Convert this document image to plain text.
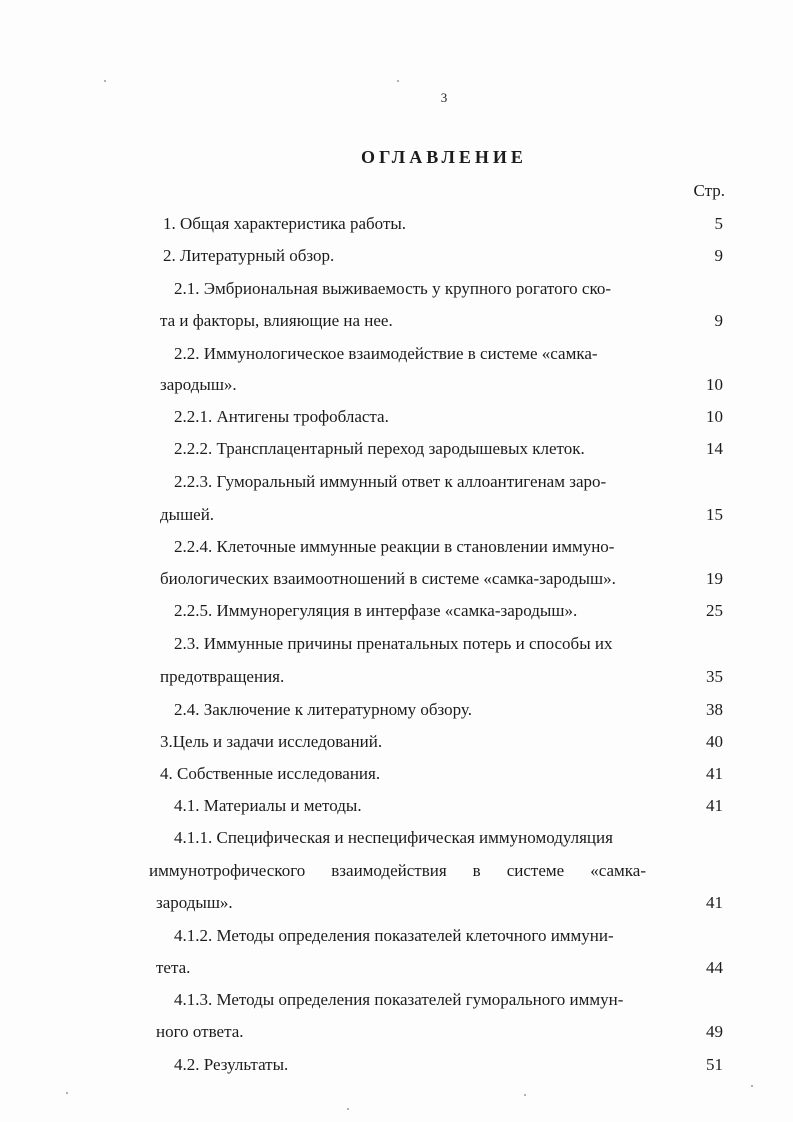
3
ОГЛАВЛЕНИЕ
Стр.
1. Общая характеристика работы.	5
2. Литературный обзор.	9
2.1. Эмбриональная выживаемость у крупного рогатого ско-
та и факторы, влияющие на нее.	9
2.2. Иммунологическое взаимодействие в системе «самка-
зародыш».	10
2.2.1. Антигены трофобласта.	10
2.2.2. Трансплацентарный переход зародышевых клеток.	14
2.2.3. Гуморальный иммунный ответ к аллоантигенам заро-
дышей.	15
2.2.4. Клеточные иммунные реакции в становлении иммуно-
биологических взаимоотношений в системе «самка-зародыш».	19
2.2.5. Иммунорегуляция в интерфазе «самка-зародыш».	25
2.3. Иммунные причины пренатальных потерь и способы их
предотвращения.	35
2.4. Заключение к литературному обзору.	38
3.Цель и задачи исследований.	40
4. Собственные исследования.	41
4.1. Материалы и методы.	41
4.1.1. Специфическая и неспецифическая иммуномодуляция
иммунотрофического взаимодействия в системе «самка-
зародыш».	41
4.1.2. Методы определения показателей клеточного иммуни-
тета.	44
4.1.3. Методы определения показателей гуморального иммун-
ного ответа.	49
4.2. Результаты.	51
